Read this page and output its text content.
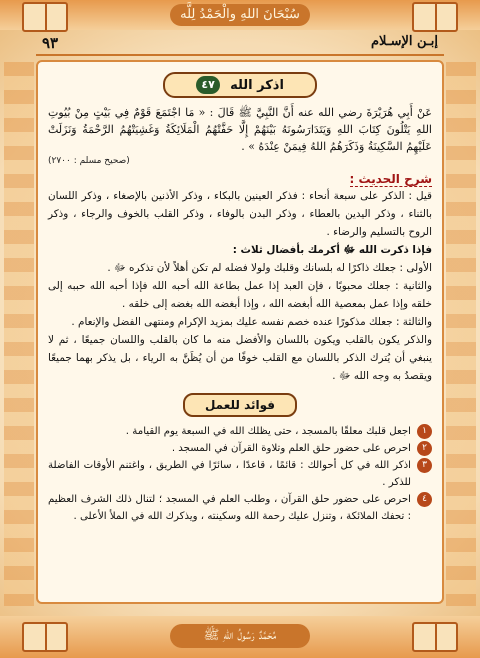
سُبْحَانَ اللهِ والْحَمْدُ لِلَّه
مُحَمَّدٌ رَسُولُ اللهِ ﷺ
٩٣	إبـن الإسـلام
اذكر الله
٤٧

عَنْ أَبِي هُرَيْرَةَ رضي الله عنه أَنَّ النَّبِيَّ ﷺ قَالَ : « مَا اجْتَمَعَ قَوْمٌ فِي بَيْتٍ مِنْ بُيُوتِ اللهِ يَتْلُونَ كِتَابَ اللهِ وَيَتَدَارَسُونَهُ بَيْنَهُمْ إِلَّا حَفَّتْهُمُ الْمَلَائِكَةُ وَغَشِيَتْهُمُ الرَّحْمَةُ وَنَزَلَتْ عَلَيْهِمُ السَّكِينَةُ وَذَكَرَهُمُ اللهُ فِيمَنْ عِنْدَهُ » .

(صحيح مسلم : ٢٧٠٠)
شرح الحديث :

قيل : الذكر على سبعة أنحاء : فذكر العينين بالبكاء ، وذكر الأذنين بالإصغاء ، وذكر اللسان بالثناء ، وذكر اليدين بالعطاء ، وذكر البدن بالوفاء ، وذكر القلب بالخوف والرجاء ، وذكر الروح بالتسليم والرضاء .

فإذا ذكرت الله ﷻ أكرمك بأفضال ثلاث :

الأولى : جعلك ذاكرًا له بلسانك وقلبك ولولا فضله لم تكن أهلاً لأن تذكره ﷻ .

والثانية : جعلك محبوبًا ، فإن العبد إذا عمل بطاعة الله أحبه الله فإذا أحبه الله حببه إلى خلقه وإذا عمل بمعصية الله أبغضه الله ، وإذا أبغضه الله بغضه إلى خلقه .

والثالثة : جعلك مذكورًا عنده خصم نفسه عليك بمزيد الإكرام ومنتهى الفضل والإنعام .

والذكر يكون بالقلب ويكون باللسان والأفضل منه ما كان بالقلب واللسان جميعًا ، ثم لا ينبغي أن يُترك الذكر باللسان مع القلب خوفًا من أن يُظَنَّ به الرياء ، بل يذكر بهما جميعًا ويقصدُ به وجه الله ﷻ .

فوائد للعمل
١
اجعل قلبك معلقًا بالمسجد ، حتى يظلك الله في السبعة يوم القيامة .
٢
احرص على حضور حلق العلم وتلاوة القرآن في المسجد .
٣
اذكر الله في كل أحوالك : قائمًا ، قاعدًا ، سائرًا في الطريق ، واغتنم الأوقات الفاضلة للذكر .
٤
احرص على حضور حلق القرآن ، وطلب العلم في المسجد ؛ لتنال ذلك الشرف العظيم : تحفك الملائكة ، وتنزل عليك رحمة الله وسكينته ، ويذكرك الله في الملأ الأعلى .
